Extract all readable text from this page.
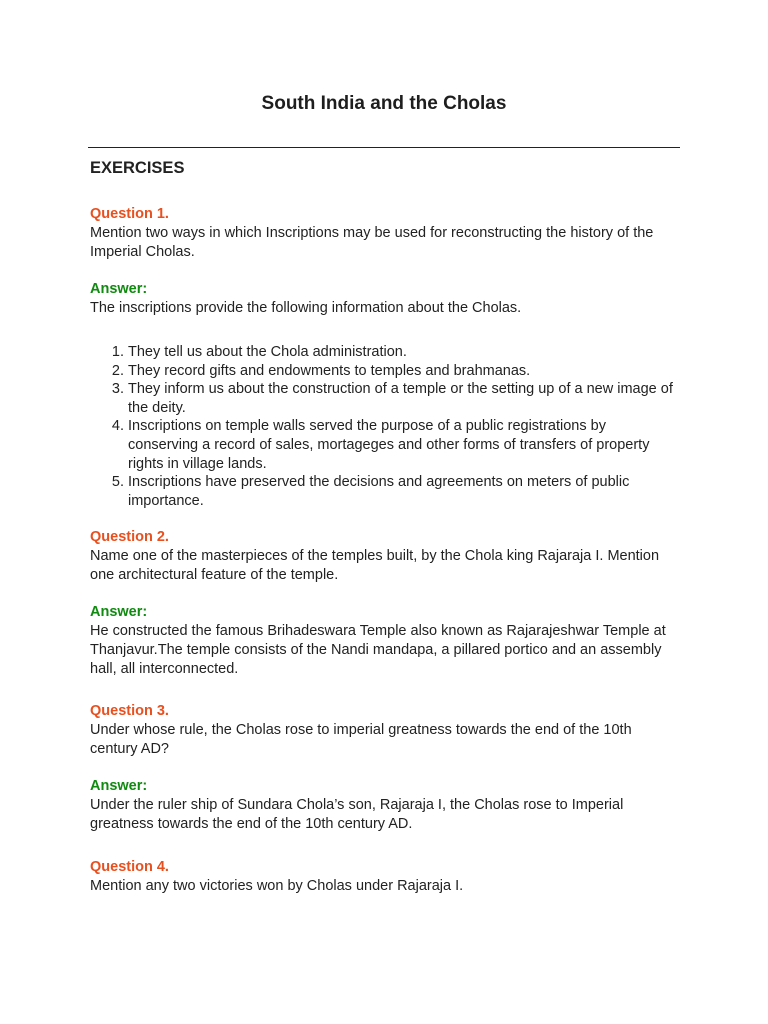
South India and the Cholas
EXERCISES
Question 1.
Mention two ways in which Inscriptions may be used for reconstructing the history of the Imperial Cholas.
Answer:
The inscriptions provide the following information about the Cholas.
1. They tell us about the Chola administration.
2. They record gifts and endowments to temples and brahmanas.
3. They inform us about the construction of a temple or the setting up of a new image of the deity.
4. Inscriptions on temple walls served the purpose of a public registrations by conserving a record of sales, mortageges and other forms of transfers of property rights in village lands.
5. Inscriptions have preserved the decisions and agreements on meters of public importance.
Question 2.
Name one of the masterpieces of the temples built, by the Chola king Rajaraja I. Mention one architectural feature of the temple.
Answer:
He constructed the famous Brihadeswara Temple also known as Rajarajeshwar Temple at Thanjavur.The temple consists of the Nandi mandapa, a pillared portico and an assembly hall, all interconnected.
Question 3.
Under whose rule, the Cholas rose to imperial greatness towards the end of the 10th century AD?
Answer:
Under the ruler ship of Sundara Chola’s son, Rajaraja I, the Cholas rose to Imperial greatness towards the end of the 10th century AD.
Question 4.
Mention any two victories won by Cholas under Rajaraja I.
